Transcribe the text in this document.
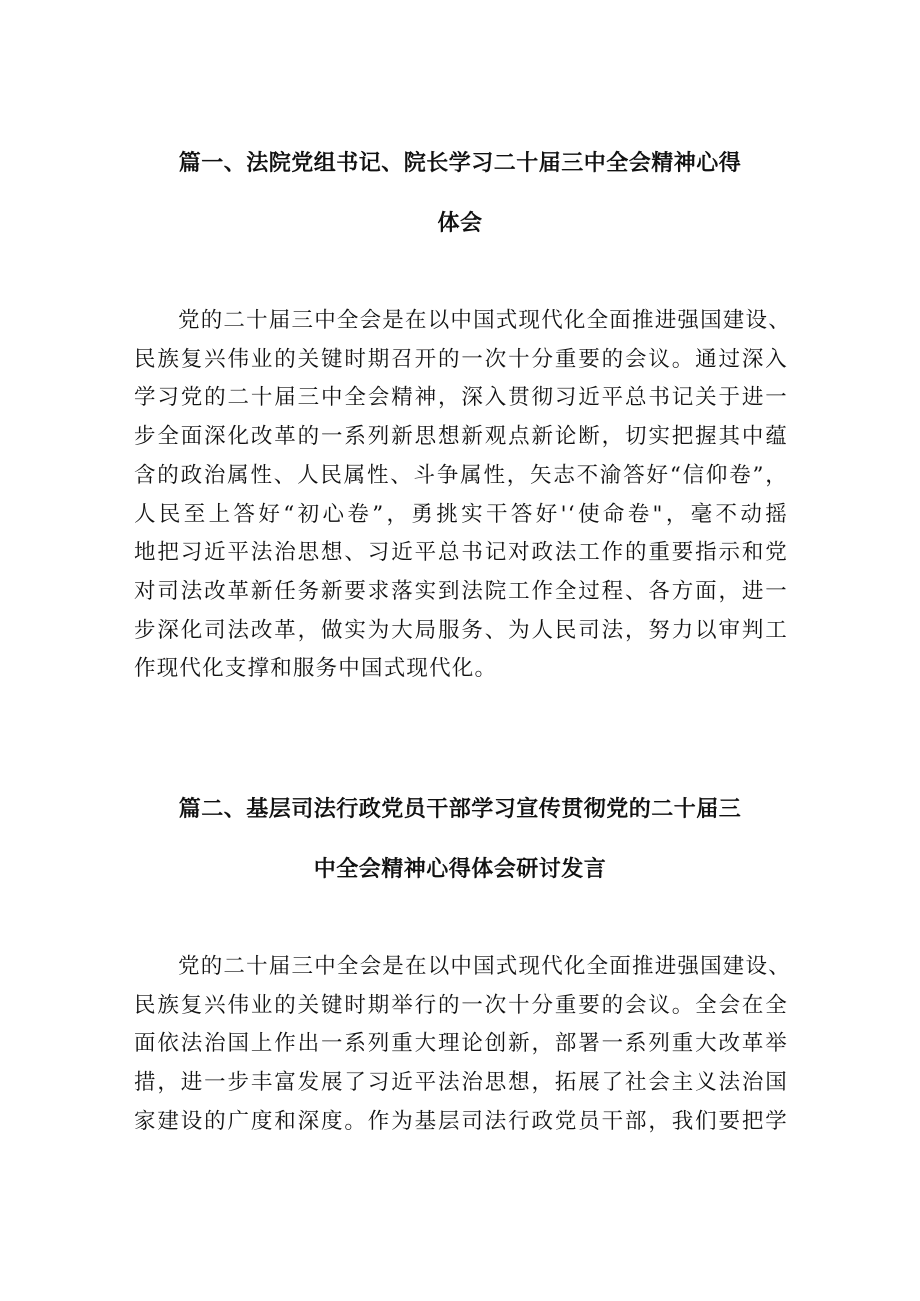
篇一、法院党组书记、院长学习二十届三中全会精神心得
体会
党的二十届三中全会是在以中国式现代化全面推进强国建设、
民族复兴伟业的关键时期召开的一次十分重要的会议。通过深入
学习党的二十届三中全会精神，深入贯彻习近平总书记关于进一
步全面深化改革的一系列新思想新观点新论断，切实把握其中蕴
含的政治属性、人民属性、斗争属性，矢志不渝答好“信仰卷”，
人民至上答好“初心卷”，勇挑实干答好'‘使命卷"，毫不动摇
地把习近平法治思想、习近平总书记对政法工作的重要指示和党
对司法改革新任务新要求落实到法院工作全过程、各方面，进一
步深化司法改革，做实为大局服务、为人民司法，努力以审判工
作现代化支撑和服务中国式现代化。
篇二、基层司法行政党员干部学习宣传贯彻党的二十届三
中全会精神心得体会研讨发言
党的二十届三中全会是在以中国式现代化全面推进强国建设、
民族复兴伟业的关键时期举行的一次十分重要的会议。全会在全
面依法治国上作出一系列重大理论创新，部署一系列重大改革举
措，进一步丰富发展了习近平法治思想，拓展了社会主义法治国
家建设的广度和深度。作为基层司法行政党员干部，我们要把学
